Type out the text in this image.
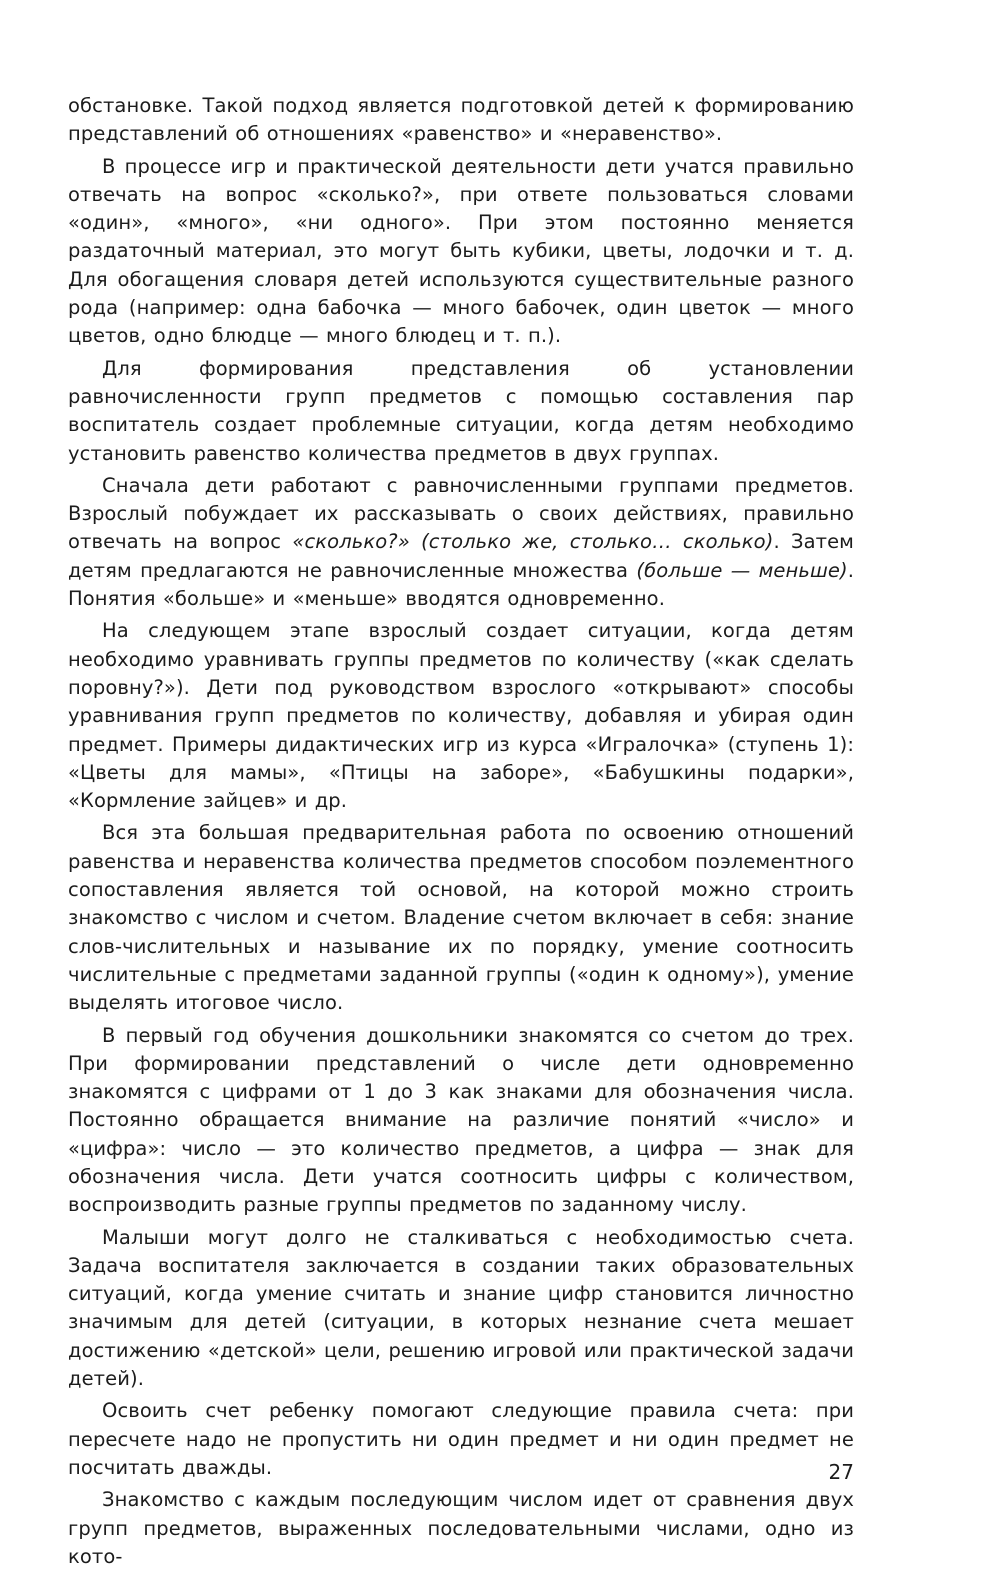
обстановке. Такой подход является подготовкой детей к формированию представлений об отношениях «равенство» и «неравенство».

В процессе игр и практической деятельности дети учатся правильно отвечать на вопрос «сколько?», при ответе пользоваться словами «один», «много», «ни одного». При этом постоянно меняется раздаточный материал, это могут быть кубики, цветы, лодочки и т. д. Для обогащения словаря детей используются существительные разного рода (например: одна бабочка — много бабочек, один цветок — много цветов, одно блюдце — много блюдец и т. п.).

Для формирования представления об установлении равночисленности групп предметов с помощью составления пар воспитатель создает проблемные ситуации, когда детям необходимо установить равенство количества предметов в двух группах.

Сначала дети работают с равночисленными группами предметов. Взрослый побуждает их рассказывать о своих действиях, правильно отвечать на вопрос «сколько?» (столько же, столько… сколько). Затем детям предлагаются не равночисленные множества (больше — меньше). Понятия «больше» и «меньше» вводятся одновременно.

На следующем этапе взрослый создает ситуации, когда детям необходимо уравнивать группы предметов по количеству («как сделать поровну?»). Дети под руководством взрослого «открывают» способы уравнивания групп предметов по количеству, добавляя и убирая один предмет. Примеры дидактических игр из курса «Игралочка» (ступень 1): «Цветы для мамы», «Птицы на заборе», «Бабушкины подарки», «Кормление зайцев» и др.

Вся эта большая предварительная работа по освоению отношений равенства и неравенства количества предметов способом поэлементного сопоставления является той основой, на которой можно строить знакомство с числом и счетом. Владение счетом включает в себя: знание слов-числительных и называние их по порядку, умение соотносить числительные с предметами заданной группы («один к одному»), умение выделять итоговое число.

В первый год обучения дошкольники знакомятся со счетом до трех. При формировании представлений о числе дети одновременно знакомятся с цифрами от 1 до 3 как знаками для обозначения числа. Постоянно обращается внимание на различие понятий «число» и «цифра»: число — это количество предметов, а цифра — знак для обозначения числа. Дети учатся соотносить цифры с количеством, воспроизводить разные группы предметов по заданному числу.

Малыши могут долго не сталкиваться с необходимостью счета. Задача воспитателя заключается в создании таких образовательных ситуаций, когда умение считать и знание цифр становится личностно значимым для детей (ситуации, в которых незнание счета мешает достижению «детской» цели, решению игровой или практической задачи детей).

Освоить счет ребенку помогают следующие правила счета: при пересчете надо не пропустить ни один предмет и ни один предмет не посчитать дважды.

Знакомство с каждым последующим числом идет от сравнения двух групп предметов, выраженных последовательными числами, одно из кото-

27
